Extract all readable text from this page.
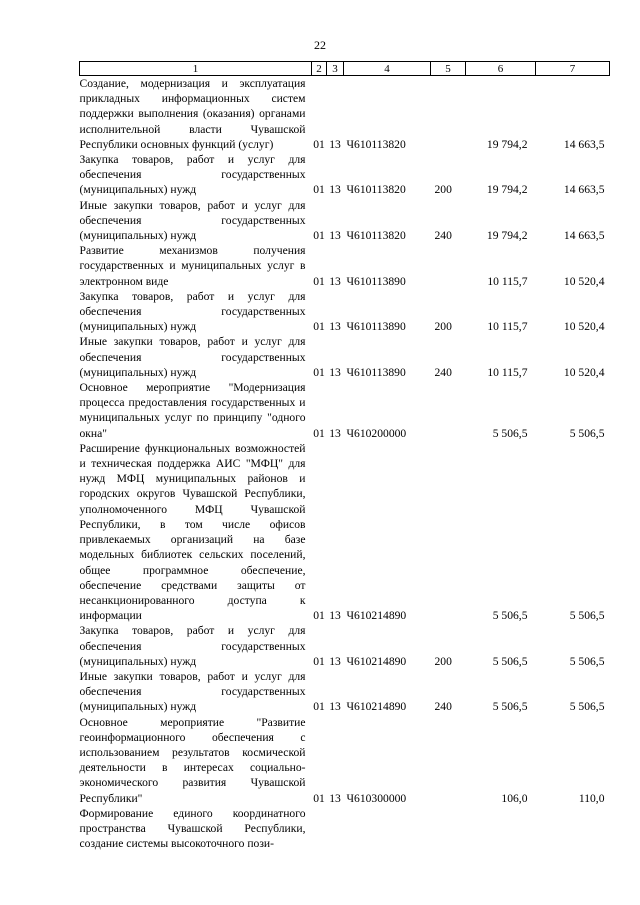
22
1	2	3	4	5	6	7
Создание, модернизация и эксплуатация прикладных информационных систем поддержки выполнения (оказания) органами исполнительной власти Чувашской Республики основных функций (услуг)	01	13	Ч610113820		19 794,2	14 663,5
Закупка товаров, работ и услуг для обеспечения государственных (муниципальных) нужд	01	13	Ч610113820	200	19 794,2	14 663,5
Иные закупки товаров, работ и услуг для обеспечения государственных (муниципальных) нужд	01	13	Ч610113820	240	19 794,2	14 663,5
Развитие механизмов получения государственных и муниципальных услуг в электронном виде	01	13	Ч610113890		10 115,7	10 520,4
Закупка товаров, работ и услуг для обеспечения государственных (муниципальных) нужд	01	13	Ч610113890	200	10 115,7	10 520,4
Иные закупки товаров, работ и услуг для обеспечения государственных (муниципальных) нужд	01	13	Ч610113890	240	10 115,7	10 520,4
Основное мероприятие "Модернизация процесса предоставления государственных и муниципальных услуг по принципу "одного окна"	01	13	Ч610200000		5 506,5	5 506,5
Расширение функциональных возможностей и техническая поддержка АИС "МФЦ" для нужд МФЦ муниципальных районов и городских округов Чувашской Республики, уполномоченного МФЦ Чувашской Республики, в том числе офисов привлекаемых организаций на базе модельных библиотек сельских поселений, общее программное обеспечение, обеспечение средствами защиты от несанкционированного доступа к информации	01	13	Ч610214890		5 506,5	5 506,5
Закупка товаров, работ и услуг для обеспечения государственных (муниципальных) нужд	01	13	Ч610214890	200	5 506,5	5 506,5
Иные закупки товаров, работ и услуг для обеспечения государственных (муниципальных) нужд	01	13	Ч610214890	240	5 506,5	5 506,5
Основное мероприятие "Развитие геоинформационного обеспечения с использованием результатов космической деятельности в интересах социально-экономического развития Чувашской Республики"	01	13	Ч610300000		106,0	110,0
Формирование единого координатного пространства Чувашской Республики, создание системы высокоточного пози-						
